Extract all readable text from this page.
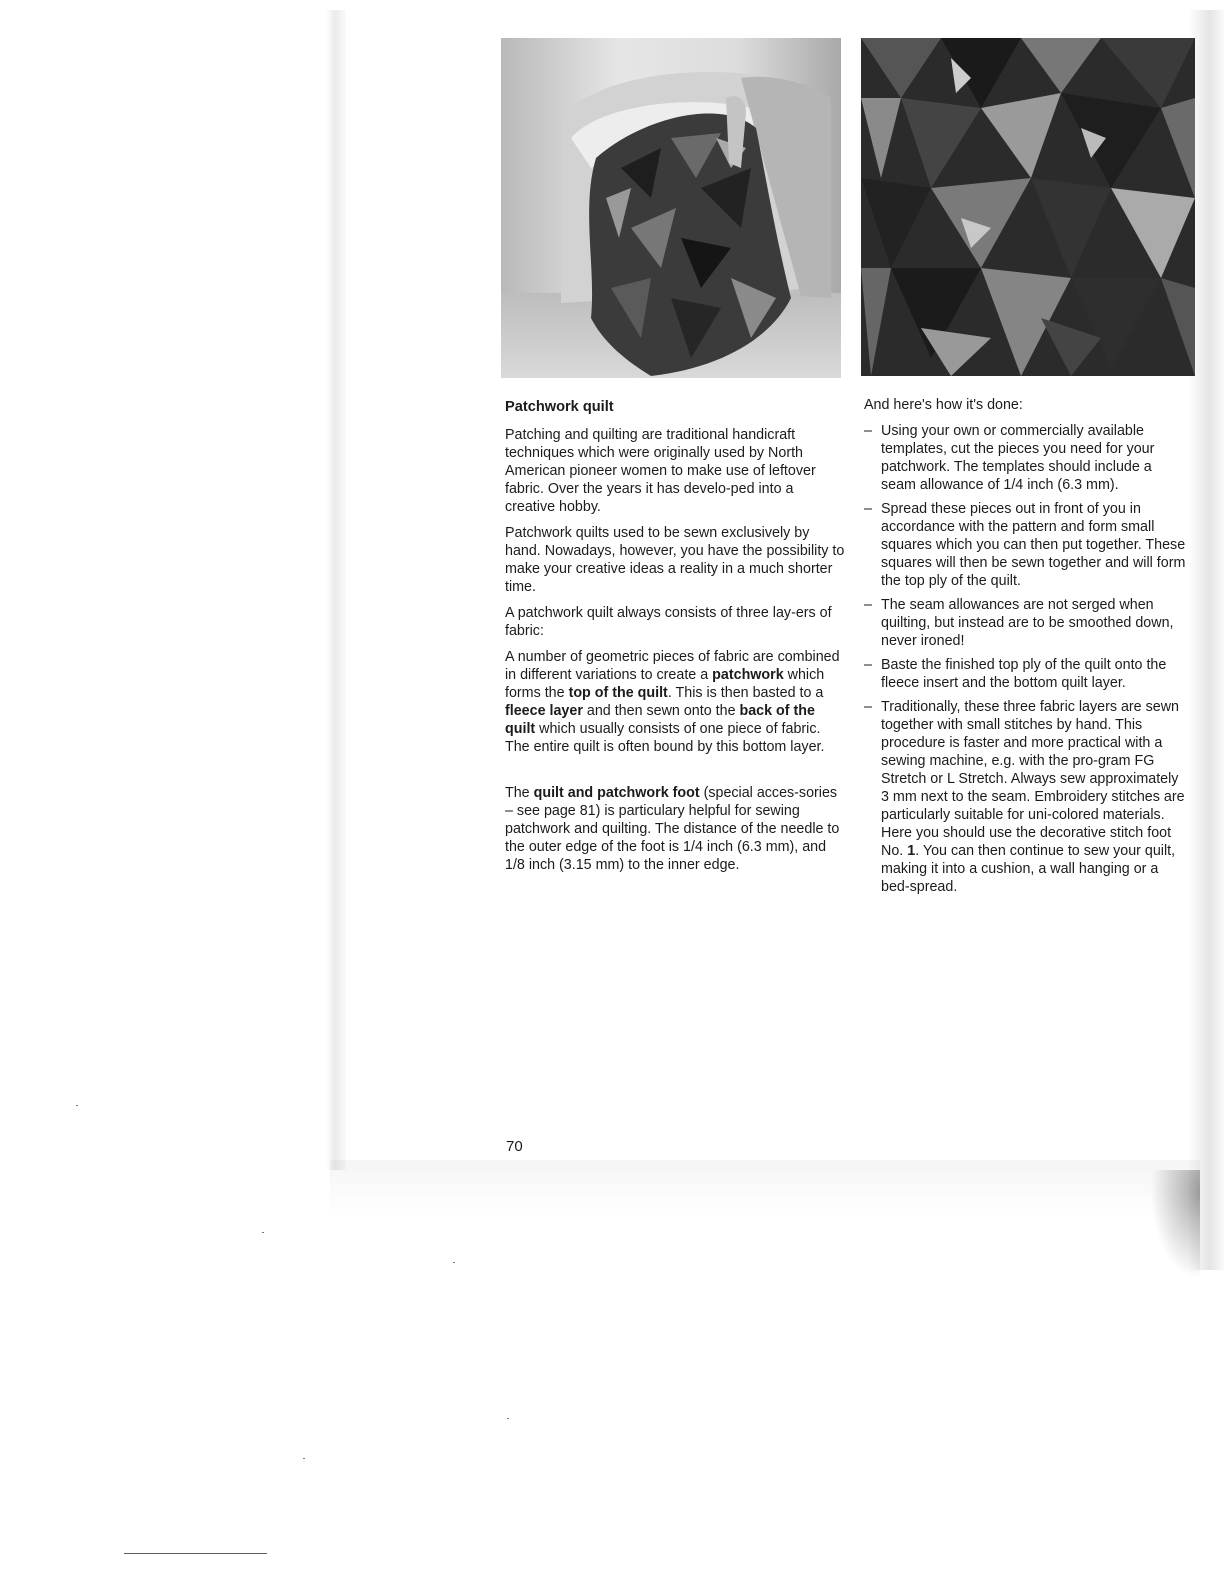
Patchwork quilt

Patching and quilting are traditional handicraft techniques which were originally used by North American pioneer women to make use of leftover fabric. Over the years it has develo-ped into a creative hobby.

Patchwork quilts used to be sewn exclusively by hand. Nowadays, however, you have the possibility to make your creative ideas a reality in a much shorter time.

A patchwork quilt always consists of three lay-ers of fabric:

A number of geometric pieces of fabric are combined in different variations to create a patchwork which forms the top of the quilt. This is then basted to a fleece layer and then sewn onto the back of the quilt which usually consists of one piece of fabric. The entire quilt is often bound by this bottom layer.

The quilt and patchwork foot (special acces-sories – see page 81) is particulary helpful for sewing patchwork and quilting. The distance of the needle to the outer edge of the foot is 1/4 inch (6.3 mm), and 1/8 inch (3.15 mm) to the inner edge.

And here's how it's done:

– Using your own or commercially available templates, cut the pieces you need for your patchwork. The templates should include a seam allowance of 1/4 inch (6.3 mm).
– Spread these pieces out in front of you in accordance with the pattern and form small squares which you can then put together. These squares will then be sewn together and will form the top ply of the quilt.
– The seam allowances are not serged when quilting, but instead are to be smoothed down, never ironed!
– Baste the finished top ply of the quilt onto the fleece insert and the bottom quilt layer.
– Traditionally, these three fabric layers are sewn together with small stitches by hand. This procedure is faster and more practical with a sewing machine, e.g. with the pro-gram FG Stretch or L Stretch. Always sew approximately 3 mm next to the seam. Embroidery stitches are particularly suitable for uni-colored materials. Here you should use the decorative stitch foot No. 1. You can then continue to sew your quilt, making it into a cushion, a wall hanging or a bed-spread.
70
